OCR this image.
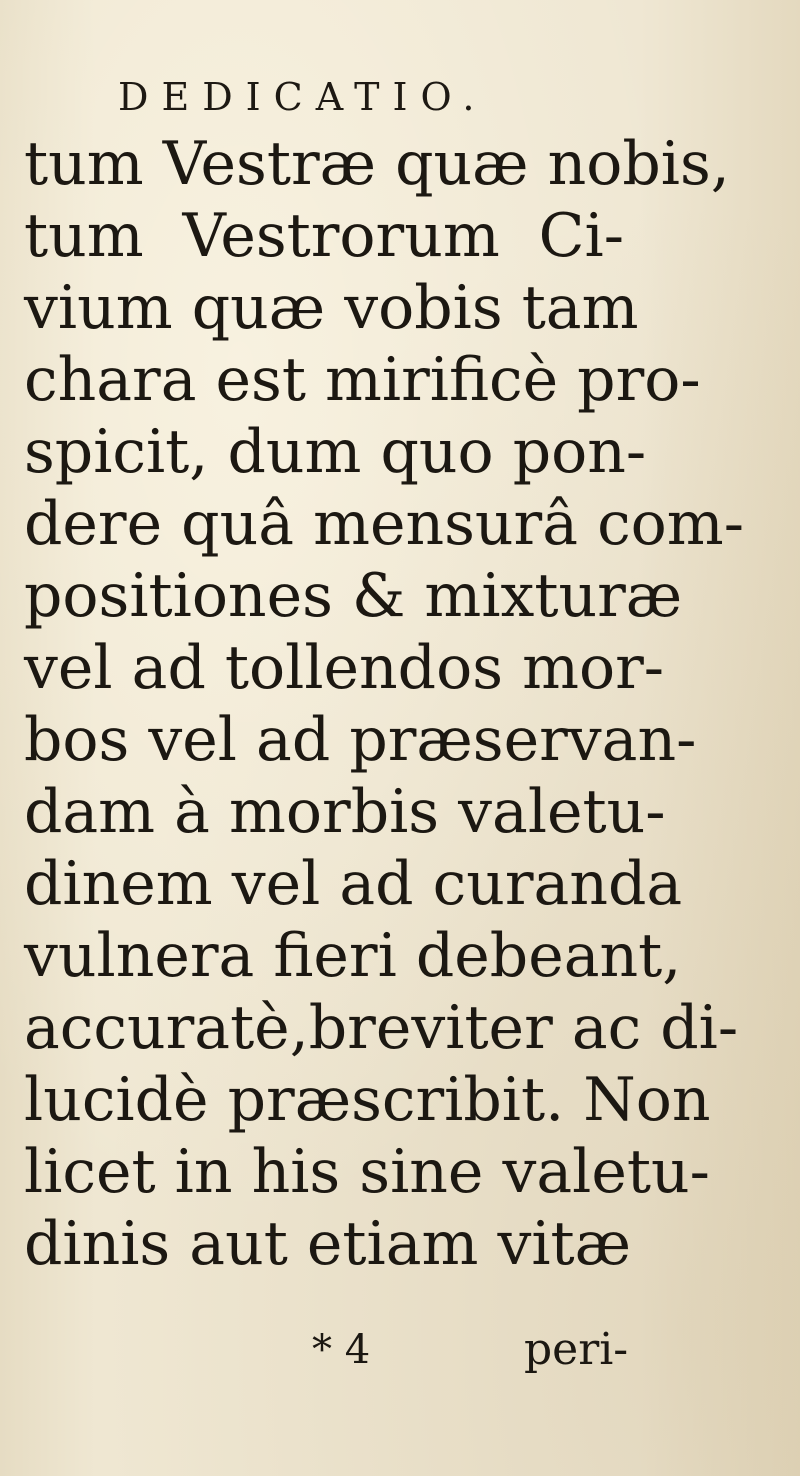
DEDICATIO.
tum Vestræ quæ nobis,
tum Vestrorum Ci-
vium quæ vobis tam
chara est mirificè pro-
spicit, dum quo pon-
dere quâ mensurâ com-
positiones & mixturæ
vel ad tollendos mor-
bos vel ad præservan-
dam à morbis valetu-
dinem vel ad curanda
vulnera fieri debeant,
accuratè,breviter ac di-
lucidè præscribit. Non
licet in his sine valetu-
dinis aut etiam vitæ
* 4	peri-
